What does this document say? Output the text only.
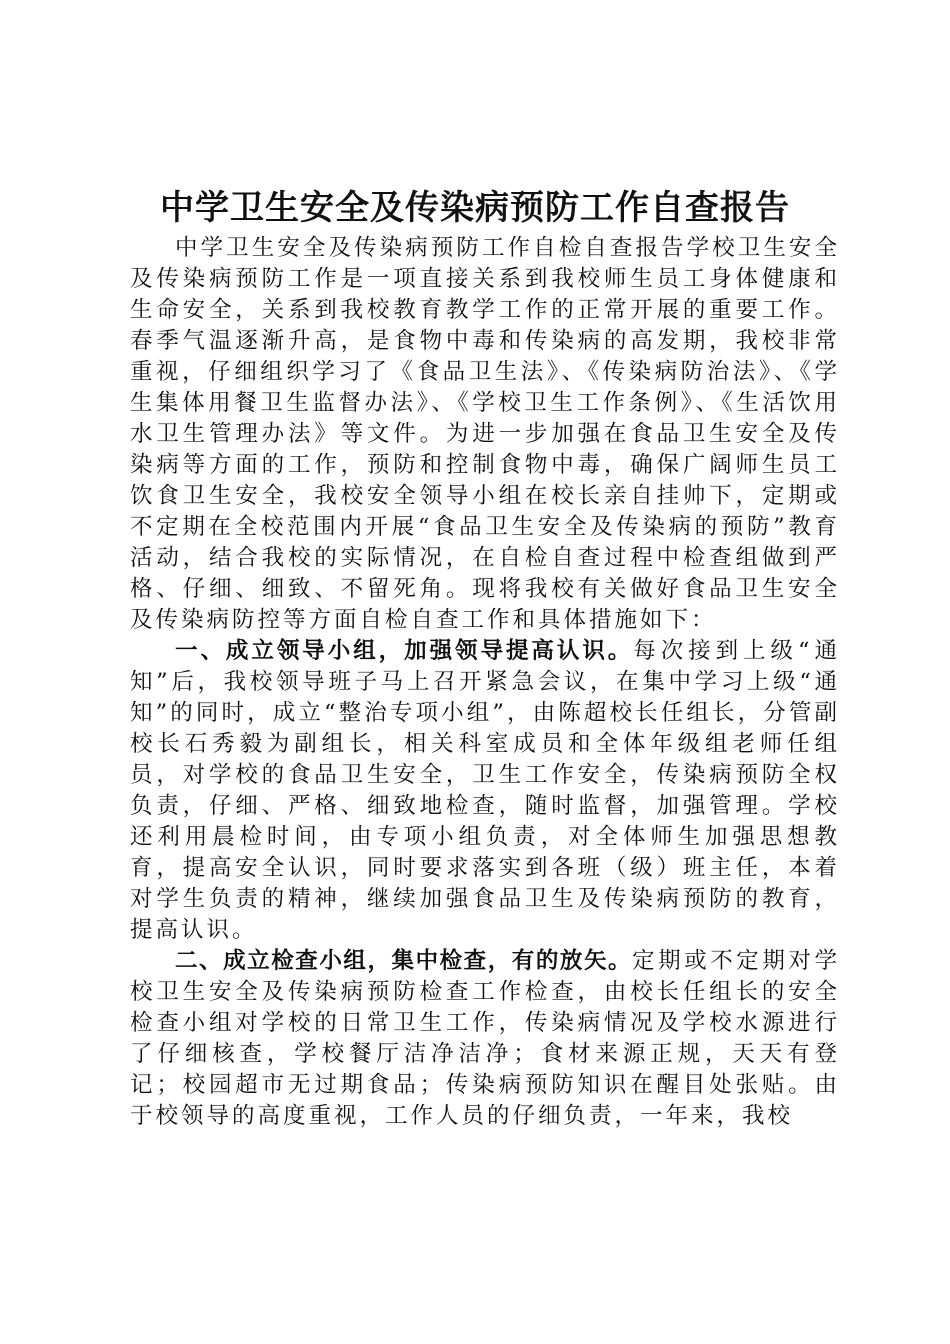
中学卫生安全及传染病预防工作自查报告

中学卫生安全及传染病预防工作自检自查报告学校卫生安全及传染病预防工作是一项直接关系到我校师生员工身体健康和生命安全，关系到我校教育教学工作的正常开展的重要工作。春季气温逐渐升高，是食物中毒和传染病的高发期，我校非常重视，仔细组织学习了《食品卫生法》、《传染病防治法》、《学生集体用餐卫生监督办法》、《学校卫生工作条例》、《生活饮用水卫生管理办法》等文件。为进一步加强在食品卫生安全及传染病等方面的工作，预防和控制食物中毒，确保广阔师生员工饮食卫生安全，我校安全领导小组在校长亲自挂帅下，定期或不定期在全校范围内开展“食品卫生安全及传染病的预防”教育活动，结合我校的实际情况，在自检自查过程中检查组做到严格、仔细、细致、不留死角。现将我校有关做好食品卫生安全及传染病防控等方面自检自查工作和具体措施如下：

一、成立领导小组，加强领导提高认识。每次接到上级“通知”后，我校领导班子马上召开紧急会议，在集中学习上级“通知”的同时，成立“整治专项小组”，由陈超校长任组长，分管副校长石秀毅为副组长，相关科室成员和全体年级组老师任组员，对学校的食品卫生安全，卫生工作安全，传染病预防全权负责，仔细、严格、细致地检查，随时监督，加强管理。学校还利用晨检时间，由专项小组负责，对全体师生加强思想教育，提高安全认识，同时要求落实到各班（级）班主任，本着对学生负责的精神，继续加强食品卫生及传染病预防的教育，提高认识。

二、成立检查小组，集中检查，有的放矢。定期或不定期对学校卫生安全及传染病预防检查工作检查，由校长任组长的安全检查小组对学校的日常卫生工作，传染病情况及学校水源进行了仔细核查，学校餐厅洁净洁净；食材来源正规，天天有登记；校园超市无过期食品；传染病预防知识在醒目处张贴。由于校领导的高度重视，工作人员的仔细负责，一年来，我校
